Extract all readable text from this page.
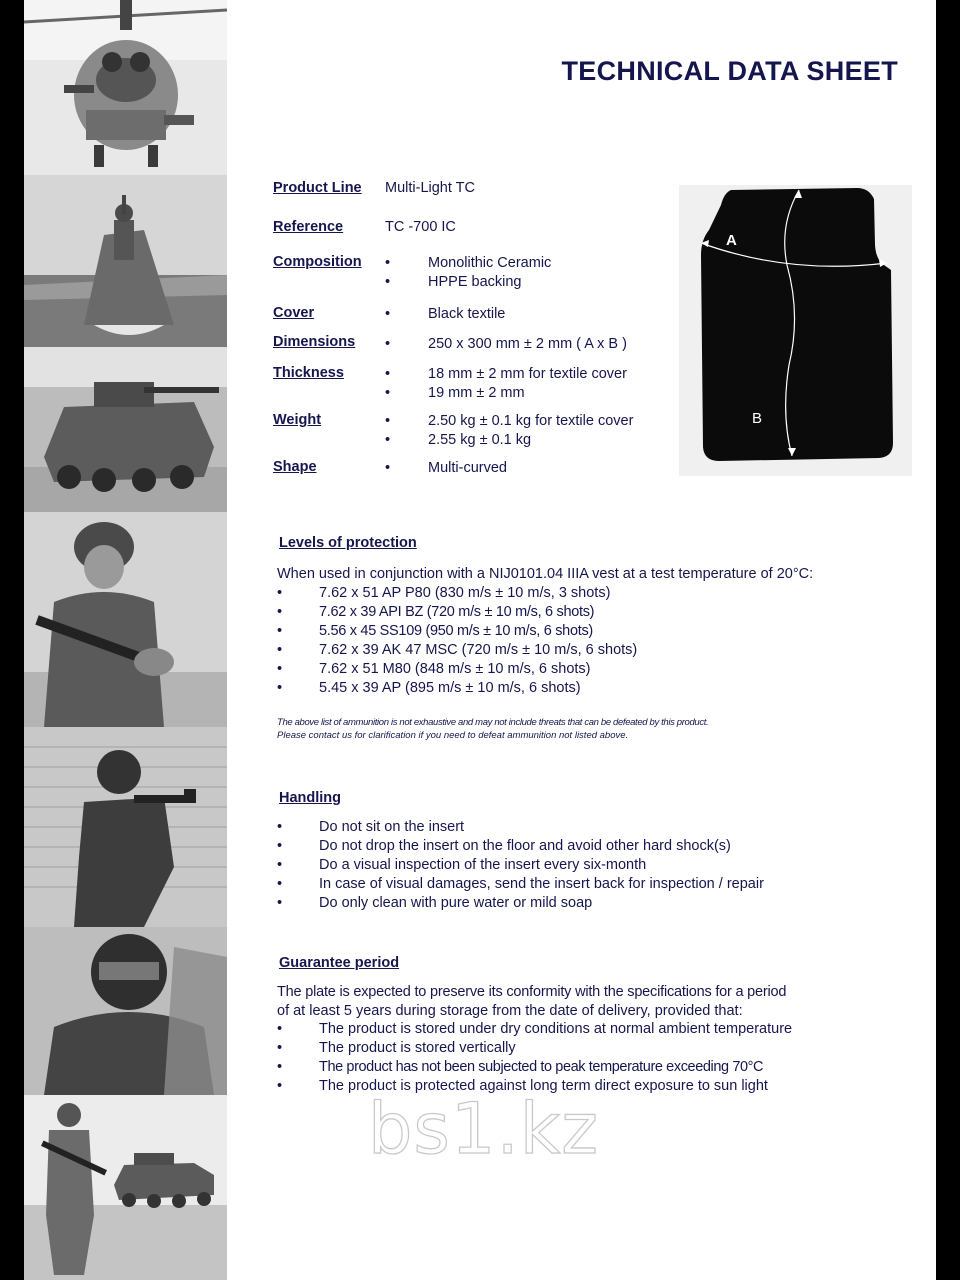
TECHNICAL DATA SHEET
Product Line Multi-Light TC
Reference	TC -700 IC
Composition •	Monolithic Ceramic
•	HPPE backing
Cover	•	Black textile
Dimensions •	250 x 300 mm ± 2 mm ( A x B )
Thickness	•	18 mm ± 2 mm for textile cover
•	19 mm ± 2 mm
Weight	•	2.50 kg ± 0.1 kg for textile cover
•	2.55 kg ± 0.1 kg
Shape	•	Multi-curved
A
B
Levels of protection
When used in conjunction with a NIJ0101.04 IIIA vest at a test temperature of 20°C:
•	7.62 x 51 AP P80 (830 m/s ± 10 m/s, 3 shots)
•	7.62 x 39 API BZ (720 m/s ± 10 m/s, 6 shots)
•	5.56 x 45 SS109 (950 m/s ± 10 m/s, 6 shots)
•	7.62 x 39 AK 47 MSC (720 m/s ± 10 m/s, 6 shots)
•	7.62 x 51 M80 (848 m/s ± 10 m/s, 6 shots)
•	5.45 x 39 AP (895 m/s ± 10 m/s, 6 shots)
The above list of ammunition is not exhaustive and may not include threats that can be defeated by this product.
Please contact us for clarification if you need to defeat ammunition not listed above.
Handling
•	Do not sit on the insert
•	Do not drop the insert on the floor and avoid other hard shock(s)
•	Do a visual inspection of the insert every six-month
•	In case of visual damages, send the insert back for inspection / repair
•	Do only clean with pure water or mild soap
Guarantee period
The plate is expected to preserve its conformity with the specifications for a period
of at least 5 years during storage from the date of delivery, provided that:
•	The product is stored under dry conditions at normal ambient temperature
•	The product is stored vertically
•	The product has not been subjected to peak temperature exceeding 70°C
•	The product is protected against long term direct exposure to sun light
bs1.kz
